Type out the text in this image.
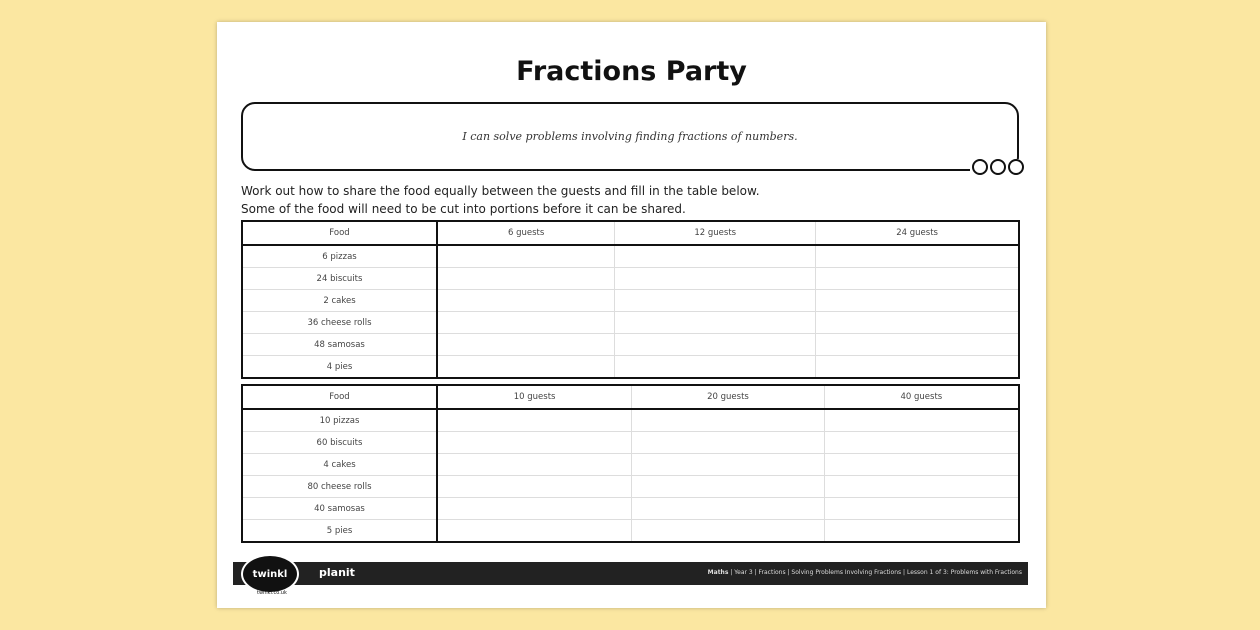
Fractions Party
I can solve problems involving finding fractions of numbers.
Work out how to share the food equally between the guests and fill in the table below.
Some of the food will need to be cut into portions before it can be shared.
Food	6 guests	12 guests	24 guests
6 pizzas			
24 biscuits			
2 cakes			
36 cheese rolls			
48 samosas			
4 pies			
Food	10 guests	20 guests	40 guests
10 pizzas			
60 biscuits			
4 cakes			
80 cheese rolls			
40 samosas			
5 pies			
twinkl
twinkl.co.uk
planit	Maths | Year 3 | Fractions | Solving Problems Involving Fractions | Lesson 1 of 3: Problems with Fractions
